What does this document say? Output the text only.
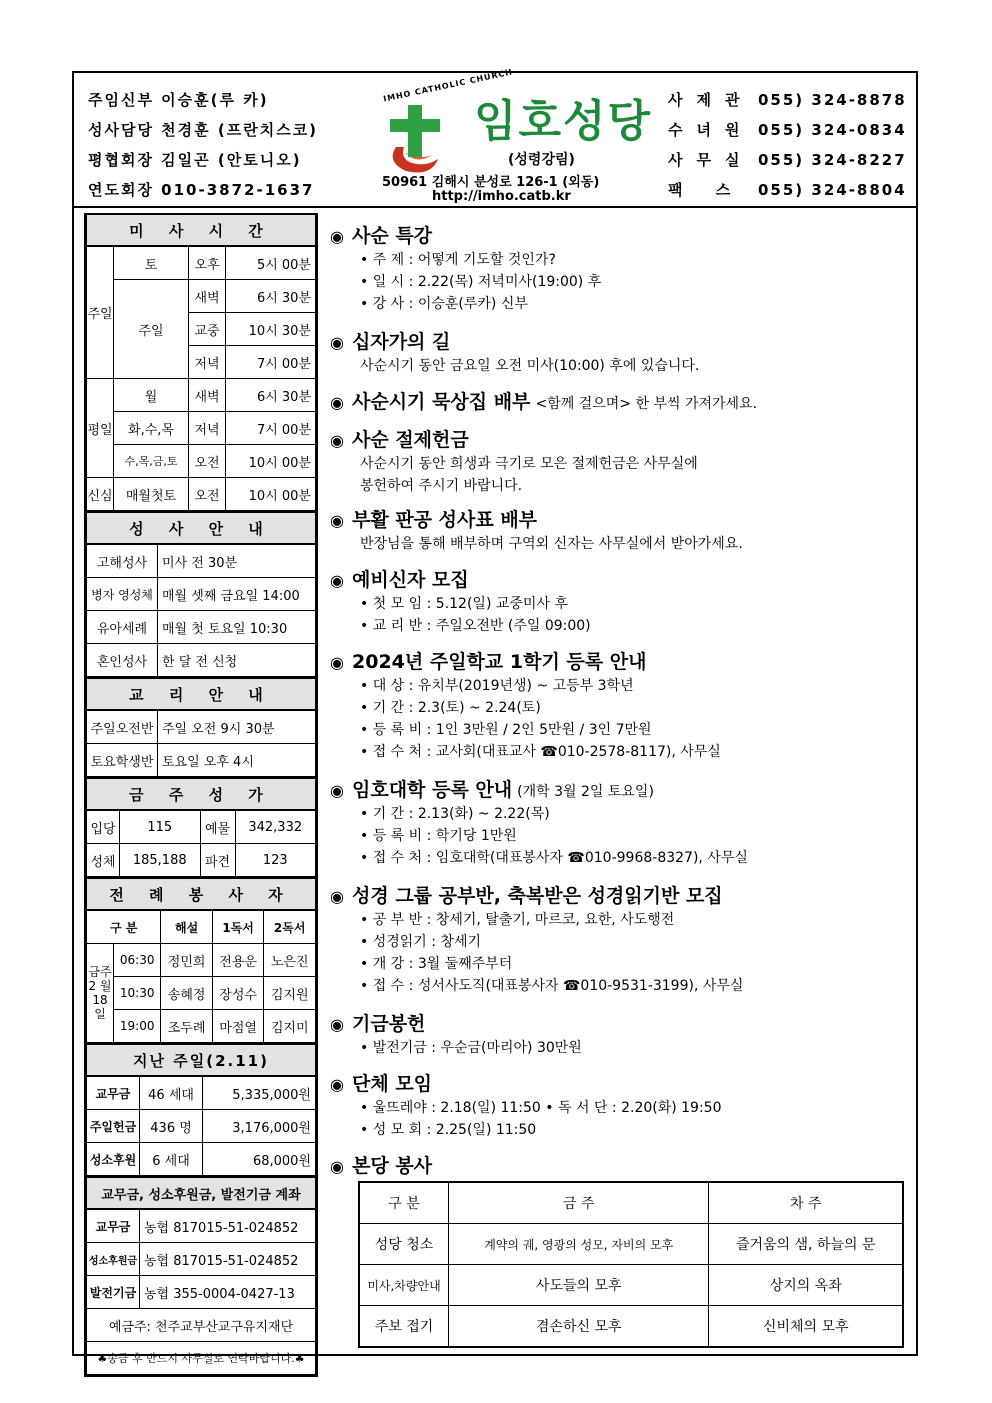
주임신부 이승훈(루 카)
성사담당 천경훈 (프란치스코)
평협회장 김일곤 (안토니오)
연도회장 010-3872-1637
IMHO CATHOLIC CHURCH
임호성당
(성령강림)
50961 김해시 분성로 126-1 (외동)
http://imho.catb.kr
사제관 055) 324-8878
수녀원 055) 324-0834
사무실 055) 324-8227
팩 스 055) 324-8804
미 사 시 간			
주일	토	오후	5시 00분
	주일	새벽	6시 30분
		교중	10시 30분
		저녁	7시 00분
평일	월	새벽	6시 30분
	화,수,목	저녁	7시 00분
	수,목,금,토	오전	10시 00분
신심	매월첫토	오전	10시 00분
성 사 안 내	
고해성사	미사 전 30분
병자 영성체	매월 셋째 금요일 14:00
유아세례	매월 첫 토요일 10:30
혼인성사	한 달 전 신청
교 리 안 내	
주일오전반	주일 오전 9시 30분
토요학생반	토요일 오후 4시
금 주 성 가			
입당	115	예물	342,332
성체	185,188	파견	123
전 례 봉 사 자				
구 분		해설	1독서	2독서
금주 2 월 18 일	06:30	정민희	전용운	노은진
	10:30	송혜정	장성수	김지원
	19:00	조두례	마점열	김지미
지난 주일(2.11)		
교무금	46 세대	5,335,000원
주일헌금	436 명	3,176,000원
성소후원	6 세대	68,000원
교무금, 성소후원금, 발전기금 계좌	
교무금	농협 817015-51-024852
성소후원금	농협 817015-51-024852
발전기금	농협 355-0004-0427-13
예금주: 천주교부산교구유지재단	
♣송금 후 반드시 사무실로 연락바랍니다.♣	
◉ 사순 특강
• 주 제 : 어떻게 기도할 것인가?
• 일 시 : 2.22(목) 저녁미사(19:00) 후
• 강 사 : 이승훈(루카) 신부
◉ 십자가의 길
사순시기 동안 금요일 오전 미사(10:00) 후에 있습니다.
◉ 사순시기 묵상집 배부 <함께 걸으며> 한 부씩 가져가세요.
◉ 사순 절제헌금
사순시기 동안 희생과 극기로 모은 절제헌금은 사무실에
봉헌하여 주시기 바랍니다.
◉ 부활 판공 성사표 배부
반장님을 통해 배부하며 구역외 신자는 사무실에서 받아가세요.
◉ 예비신자 모집
• 첫 모 임 : 5.12(일) 교중미사 후
• 교 리 반 : 주일오전반 (주일 09:00)
◉ 2024년 주일학교 1학기 등록 안내
• 대 상 : 유치부(2019년생) ~ 고등부 3학년
• 기 간 : 2.3(토) ~ 2.24(토)
• 등 록 비 : 1인 3만원 / 2인 5만원 / 3인 7만원
• 접 수 처 : 교사회(대표교사 ☎010-2578-8117), 사무실
◉ 임호대학 등록 안내 (개학 3월 2일 토요일)
• 기 간 : 2.13(화) ~ 2.22(목)
• 등 록 비 : 학기당 1만원
• 접 수 처 : 임호대학(대표봉사자 ☎010-9968-8327), 사무실
◉ 성경 그룹 공부반, 축복받은 성경읽기반 모집
• 공 부 반 : 창세기, 탈출기, 마르코, 요한, 사도행전
• 성경읽기 : 창세기
• 개 강 : 3월 둘째주부터
• 접 수 : 성서사도직(대표봉사자 ☎010-9531-3199), 사무실
◉ 기금봉헌
• 발전기금 : 우순금(마리아) 30만원
◉ 단체 모임
• 울뜨레야 : 2.18(일) 11:50 • 독 서 단 : 2.20(화) 19:50
• 성 모 회 : 2.25(일) 11:50
◉ 본당 봉사
구 분	금 주	차 주
성당 청소	계약의 궤, 영광의 성모, 자비의 모후	즐거움의 샘, 하늘의 문
미사,차량안내	사도들의 모후	상지의 옥좌
주보 접기	겸손하신 모후	신비체의 모후
